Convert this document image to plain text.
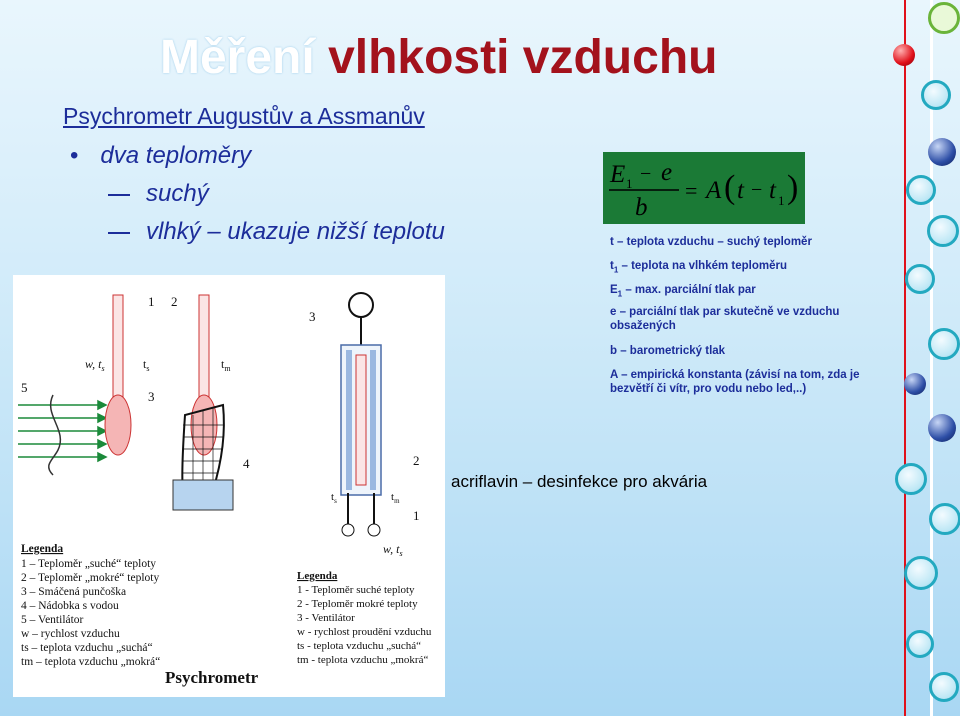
Měření vlhkosti vzduchu
Psychrometr Augustův a Assmanův
• dva teploměry
suchý
vlhký – ukazuje nižší teplotu
E 1 − e
b
= A ( t − t 1 )
t – teplota vzduchu – suchý teploměr
$t_1$ – teplota na vlhkém teploměru
$E_1$ – max. parciální tlak par
e – parciální tlak par skutečně ve vzduchu obsažených
b – barometrický tlak
A – empirická konstanta (závisí na tom, zda je bezvětří či vítr, pro vodu nebo led,..)
acriflavin – desinfekce pro akvária
1 2
3
4
5
w, $t_s$	$t_s$	$t_m$
3
2
1
$t_s$	$t_m$
w, $t_s$
Legenda
1 – Teploměr „suché“ teploty
2 – Teploměr „mokré“ teploty
3 – Smáčená punčoška
4 – Nádobka s vodou
5 – Ventilátor
w – rychlost vzduchu
ts – teplota vzduchu „suchá“
tm – teplota vzduchu „mokrá“
Legenda
1 - Teploměr suché teploty
2 - Teploměr mokré teploty
3 - Ventilátor
w - rychlost proudění vzduchu
ts - teplota vzduchu „suchá“
tm - teplota vzduchu „mokrá“
Psychrometr
